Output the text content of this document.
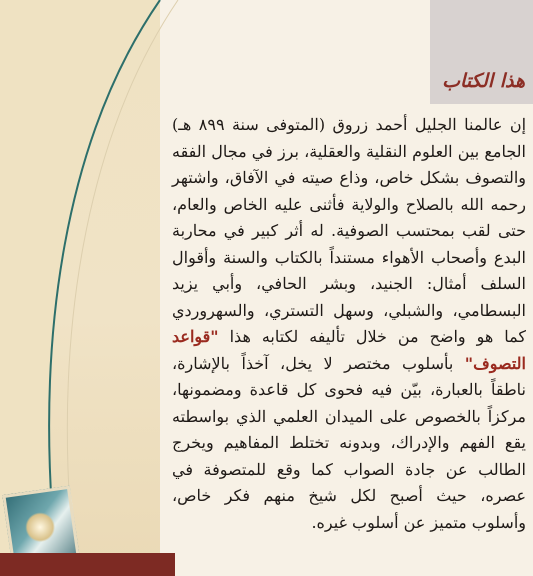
هذا الكتاب

إن عالمنا الجليل أحمد زروق (المتوفى سنة ٨٩٩ هـ) الجامع بين العلوم النقلية والعقلية، برز في مجال الفقه والتصوف بشكل خاص، وذاع صيته في الآفاق، واشتهر رحمه الله بالصلاح والولاية فأثنى عليه الخاص والعام، حتى لقب بمحتسب الصوفية. له أثر كبير في محاربة البدع وأصحاب الأهواء مستنداً بالكتاب والسنة وأقوال السلف أمثال: الجنيد، وبشر الحافي، وأبي يزيد البسطامي، والشبلي، وسهل التستري، والسهروردي كما هو واضح من خلال تأليفه لكتابه هذا "قواعد التصوف" بأسلوب مختصر لا يخل، آخذاً بالإشارة، ناطقاً بالعبارة، بيّن فيه فحوى كل قاعدة ومضمونها، مركزاً بالخصوص على الميدان العلمي الذي بواسطته يقع الفهم والإدراك، وبدونه تختلط المفاهيم ويخرج الطالب عن جادة الصواب كما وقع للمتصوفة في عصره، حيث أصبح لكل شيخ منهم فكر خاص، وأسلوب متميز عن أسلوب غيره.
